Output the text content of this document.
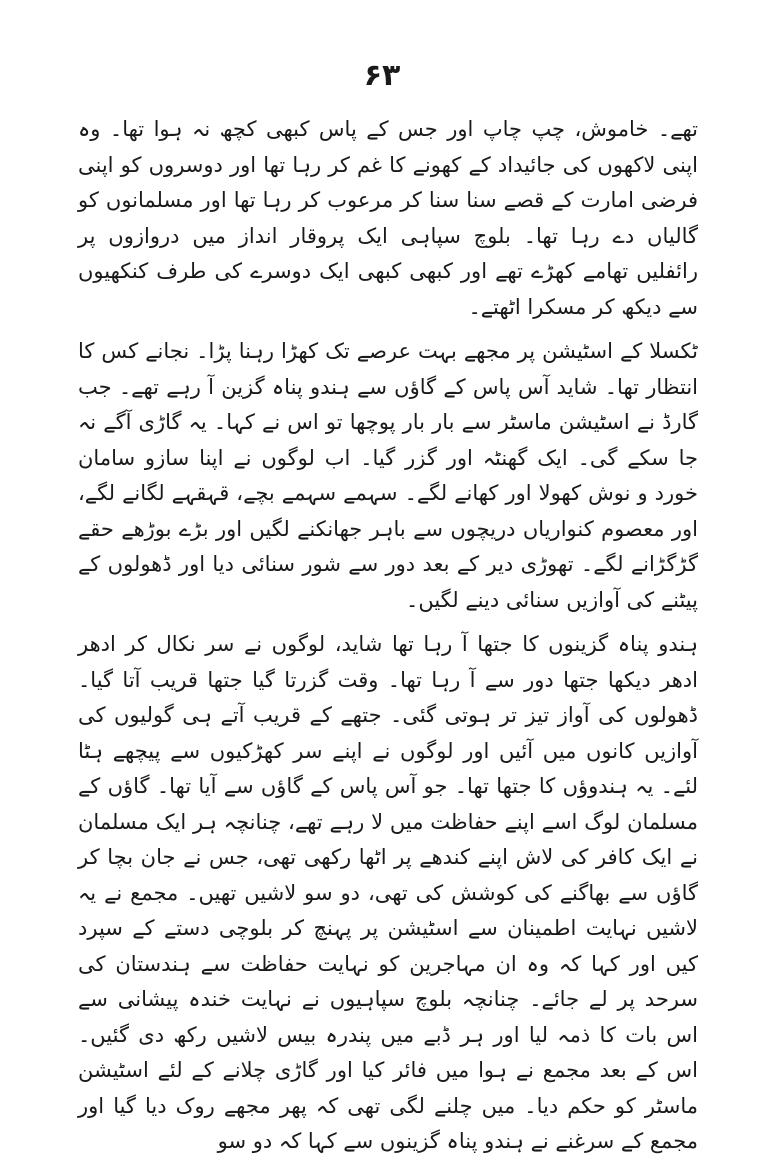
۶۳

تھے۔ خاموش، چپ چاپ اور جس کے پاس کبھی کچھ نہ ہوا تھا۔ وہ اپنی لاکھوں کی جائیداد کے کھونے کا غم کر رہا تھا اور دوسروں کو اپنی فرضی امارت کے قصے سنا سنا کر مرعوب کر رہا تھا اور مسلمانوں کو گالیاں دے رہا تھا۔ بلوچ سپاہی ایک پروقار انداز میں دروازوں پر رائفلیں تھامے کھڑے تھے اور کبھی کبھی ایک دوسرے کی طرف کنکھیوں سے دیکھ کر مسکرا اٹھتے۔

ٹکسلا کے اسٹیشن پر مجھے بہت عرصے تک کھڑا رہنا پڑا۔ نجانے کس کا انتظار تھا۔ شاید آس پاس کے گاؤں سے ہندو پناہ گزین آ رہے تھے۔ جب گارڈ نے اسٹیشن ماسٹر سے بار بار پوچھا تو اس نے کہا۔ یہ گاڑی آگے نہ جا سکے گی۔ ایک گھنٹہ اور گزر گیا۔ اب لوگوں نے اپنا سازو سامان خورد و نوش کھولا اور کھانے لگے۔ سہمے سہمے بچے، قہقہے لگانے لگے، اور معصوم کنواریاں دریچوں سے باہر جھانکنے لگیں اور بڑے بوڑھے حقے گڑگڑانے لگے۔ تھوڑی دیر کے بعد دور سے شور سنائی دیا اور ڈھولوں کے پیٹنے کی آوازیں سنائی دینے لگیں۔

ہندو پناہ گزینوں کا جتھا آ رہا تھا شاید، لوگوں نے سر نکال کر ادھر ادھر دیکھا جتھا دور سے آ رہا تھا۔ وقت گزرتا گیا جتھا قریب آتا گیا۔ ڈھولوں کی آواز تیز تر ہوتی گئی۔ جتھے کے قریب آتے ہی گولیوں کی آوازیں کانوں میں آئیں اور لوگوں نے اپنے سر کھڑکیوں سے پیچھے ہٹا لئے۔ یہ ہندوؤں کا جتھا تھا۔ جو آس پاس کے گاؤں سے آیا تھا۔ گاؤں کے مسلمان لوگ اسے اپنے حفاظت میں لا رہے تھے، چنانچہ ہر ایک مسلمان نے ایک کافر کی لاش اپنے کندھے پر اٹھا رکھی تھی، جس نے جان بچا کر گاؤں سے بھاگنے کی کوشش کی تھی، دو سو لاشیں تھیں۔ مجمع نے یہ لاشیں نہایت اطمینان سے اسٹیشن پر پہنچ کر بلوچی دستے کے سپرد کیں اور کہا کہ وہ ان مہاجرین کو نہایت حفاظت سے ہندستان کی سرحد پر لے جائے۔ چنانچہ بلوچ سپاہیوں نے نہایت خندہ پیشانی سے اس بات کا ذمہ لیا اور ہر ڈبے میں پندرہ بیس لاشیں رکھ دی گئیں۔ اس کے بعد مجمع نے ہوا میں فائر کیا اور گاڑی چلانے کے لئے اسٹیشن ماسٹر کو حکم دیا۔ میں چلنے لگی تھی کہ پھر مجھے روک دیا گیا اور مجمع کے سرغنے نے ہندو پناہ گزینوں سے کہا کہ دو سو
